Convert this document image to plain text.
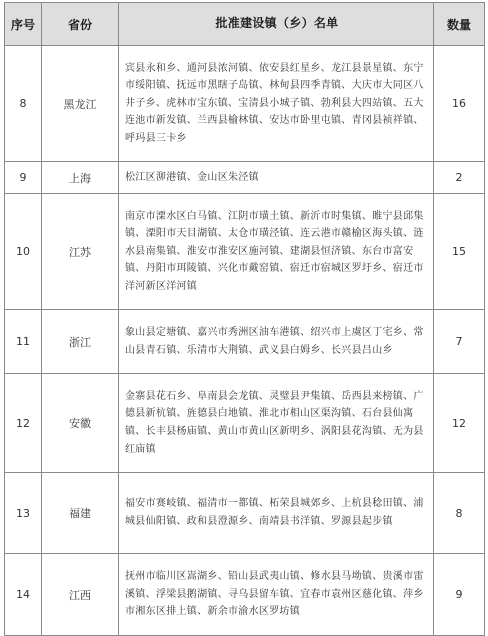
序号	省份	批准建设镇（乡）名单	数量
8	黑龙江	宾县永和乡、通河县浓河镇、依安县红星乡、龙江县景星镇、东宁市绥阳镇、抚远市黑瞎子岛镇、林甸县四季青镇、大庆市大同区八井子乡、虎林市宝东镇、宝清县小城子镇、勃利县大四站镇、五大连池市新发镇、兰西县榆林镇、安达市卧里屯镇、青冈县祯祥镇、呼玛县三卡乡	16
9	上海	松江区泖港镇、金山区朱泾镇	2
10	江苏	南京市溧水区白马镇、江阴市璜土镇、新沂市时集镇、睢宁县邱集镇、溧阳市天目湖镇、太仓市璜泾镇、连云港市赣榆区海头镇、涟水县南集镇、淮安市淮安区施河镇、建湖县恒济镇、东台市富安镇、丹阳市珥陵镇、兴化市戴窑镇、宿迁市宿城区罗圩乡、宿迁市洋河新区洋河镇	15
11	浙江	象山县定塘镇、嘉兴市秀洲区油车港镇、绍兴市上虞区丁宅乡、常山县青石镇、乐清市大荆镇、武义县白姆乡、长兴县吕山乡	7
12	安徽	金寨县花石乡、阜南县会龙镇、灵璧县尹集镇、岳西县来榜镇、广德县新杭镇、旌德县白地镇、淮北市相山区渠沟镇、石台县仙寓镇、长丰县杨庙镇、黄山市黄山区新明乡、涡阳县花沟镇、无为县红庙镇	12
13	福建	福安市赛岐镇、福清市一都镇、柘荣县城郊乡、上杭县稔田镇、浦城县仙阳镇、政和县澄源乡、南靖县书洋镇、罗源县起步镇	8
14	江西	抚州市临川区嵩湖乡、铅山县武夷山镇、修水县马坳镇、贵溪市雷溪镇、浮梁县鹅湖镇、寻乌县留车镇、宜春市袁州区慈化镇、萍乡市湘东区排上镇、新余市渝水区罗坊镇	9
